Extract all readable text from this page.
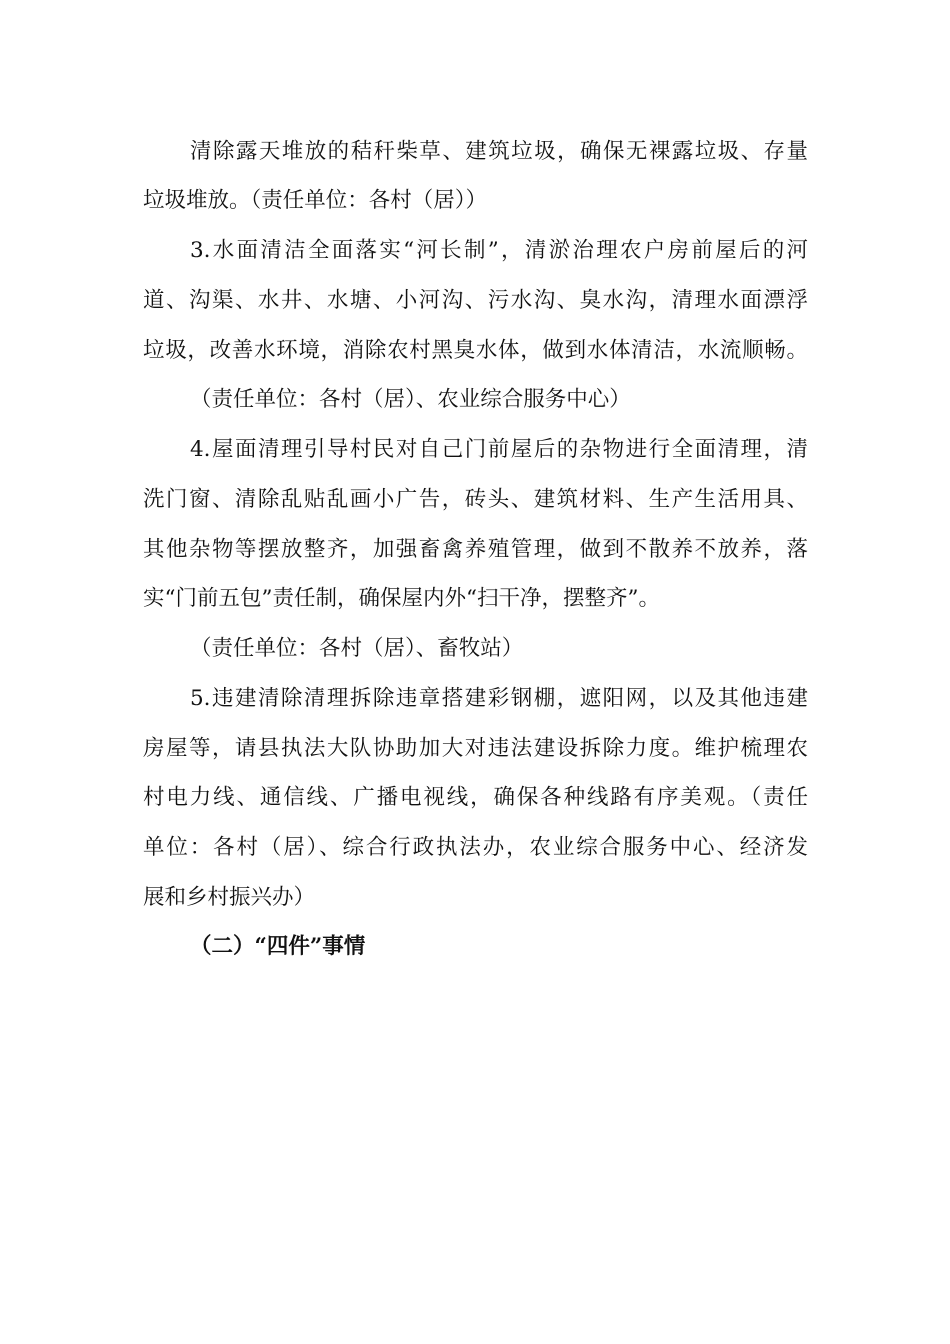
清除露天堆放的秸秆柴草、建筑垃圾，确保无裸露垃圾、存量
垃圾堆放。（责任单位：各村（居））
3.水面清洁全面落实“河长制”，清淤治理农户房前屋后的河
道、沟渠、水井、水塘、小河沟、污水沟、臭水沟，清理水面漂浮
垃圾，改善水环境，消除农村黑臭水体，做到水体清洁，水流顺畅。
（责任单位：各村（居）、农业综合服务中心）
4.屋面清理引导村民对自己门前屋后的杂物进行全面清理，清
洗门窗、清除乱贴乱画小广告，砖头、建筑材料、生产生活用具、
其他杂物等摆放整齐，加强畜禽养殖管理，做到不散养不放养，落
实“门前五包”责任制，确保屋内外“扫干净，摆整齐”。
（责任单位：各村（居）、畜牧站）
5.违建清除清理拆除违章搭建彩钢棚，遮阳网，以及其他违建
房屋等，请县执法大队协助加大对违法建设拆除力度。维护梳理农
村电力线、通信线、广播电视线，确保各种线路有序美观。（责任
单位：各村（居）、综合行政执法办，农业综合服务中心、经济发
展和乡村振兴办）
（二）“四件”事情
